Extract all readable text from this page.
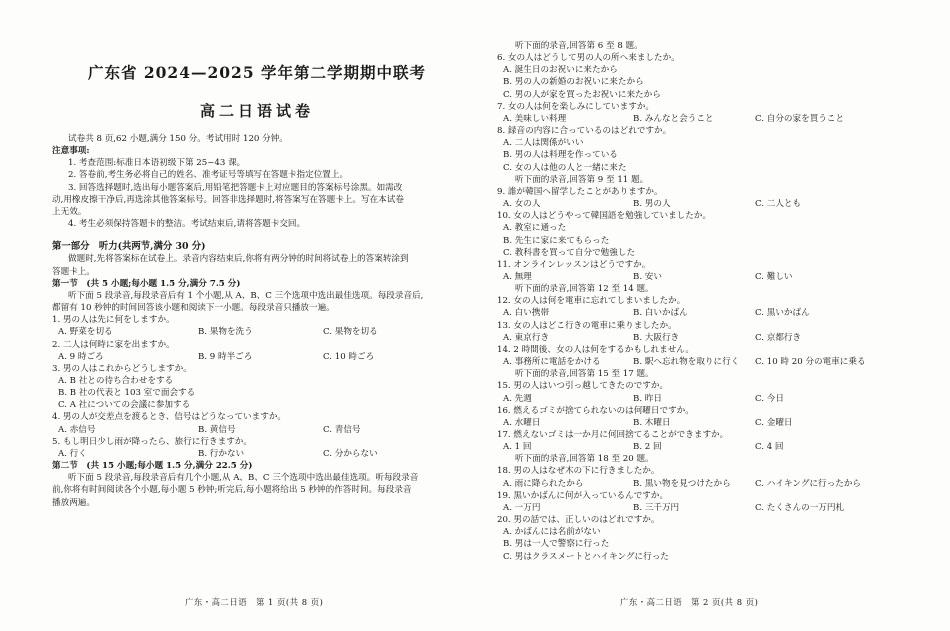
广东省 2024—2025 学年第二学期期中联考
高二日语试卷
试卷共 8 页,62 小题,满分 150 分。考试用时 120 分钟。
注意事项:
1. 考查范围:标准日本语初级下第 25~43 课。
2. 答卷前,考生务必将自己的姓名、准考证号等填写在答题卡指定位置上。
3. 回答选择题时,选出每小题答案后,用铅笔把答题卡上对应题目的答案标号涂黑。如需改
动,用橡皮擦干净后,再选涂其他答案标号。回答非选择题时,将答案写在答题卡上。写在本试卷
上无效。
4. 考生必须保持答题卡的整洁。考试结束后,请将答题卡交回。
第一部分　听力(共两节,满分 30 分)
做题时,先将答案标在试卷上。录音内容结束后,你将有两分钟的时间将试卷上的答案转涂到
答题卡上。
第一节　(共 5 小题;每小题 1.5 分,满分 7.5 分)
听下面 5 段录音,每段录音后有 1 个小题,从 A、B、C 三个选项中选出最佳选项。每段录音后,
都留有 10 秒钟的时间回答该小题和阅读下一小题。每段录音只播放一遍。
1. 男の人は先に何をしますか。
A. 野菜を切る	B. 果物を洗う	C. 果物を切る
2. 二人は何時に家を出ますか。
A. 9 時ごろ	B. 9 時半ごろ	C. 10 時ごろ
3. 男の人はこれからどうしますか。
A. B 社との待ち合わせをする
B. B 社の代表と 103 室で面会する
C. A 社についての会議に参加する
4. 男の人が交差点を渡るとき、信号はどうなっていますか。
A. 赤信号	B. 黄信号	C. 青信号
5. もし明日少し雨が降ったら、旅行に行きますか。
A. 行く	B. 行かない	C. 分からない
第二节　(共 15 小题;每小题 1.5 分,满分 22.5 分)
听下面 5 段录音,每段录音后有几个小题,从 A、B、C 三个选项中选出最佳选项。听每段录音
前,你将有时间阅读各个小题,每小题 5 秒钟;听完后,每小题将给出 5 秒钟的作答时间。每段录音
播放两遍。
广东・高二日语　第 1 页(共 8 页)
听下面的录音,回答第 6 至 8 题。
6. 女の人はどうして男の人の所へ来ましたか。
A. 誕生日のお祝いに来たから
B. 男の人の新婚のお祝いに来たから
C. 男の人が家を買ったお祝いに来たから
7. 女の人は何を楽しみにしていますか。
A. 美味しい料理	B. みんなと会うこと	C. 自分の家を買うこと
8. 録音の内容に合っているのはどれですか。
A. 二人は関係がいい
B. 男の人は料理を作っている
C. 女の人は他の人と一緒に来た
听下面的录音,回答第 9 至 11 题。
9. 誰が韓国へ留学したことがありますか。
A. 女の人	B. 男の人	C. 二人とも
10. 女の人はどうやって韓国語を勉強していましたか。
A. 教室に通った
B. 先生に家に来てもらった
C. 教科書を買って自分で勉強した
11. オンラインレッスンはどうですか。
A. 無理	B. 安い	C. 難しい
听下面的录音,回答第 12 至 14 题。
12. 女の人は何を電車に忘れてしまいましたか。
A. 白い携帯	B. 白いかばん	C. 黒いかばん
13. 女の人はどこ行きの電車に乗りましたか。
A. 東京行き	B. 大阪行き	C. 京都行き
14. 2 時間後、女の人は何をするかもしれません。
A. 事務所に電話をかける	B. 駅へ忘れ物を取りに行く	C. 10 時 20 分の電車に乗る
听下面的录音,回答第 15 至 17 题。
15. 男の人はいつ引っ越してきたのですか。
A. 先週	B. 昨日	C. 今日
16. 燃えるゴミが捨てられないのは何曜日ですか。
A. 水曜日	B. 木曜日	C. 金曜日
17. 燃えないゴミは一か月に何回捨てることができますか。
A. 1 回	B. 2 回	C. 4 回
听下面的录音,回答第 18 至 20 题。
18. 男の人はなぜ木の下に行きましたか。
A. 雨に降られたから	B. 黒い物を見つけたから	C. ハイキングに行ったから
19. 黒いかばんに何が入っているんですか。
A. 一万円	B. 三千万円	C. たくさんの一万円札
20. 男の話では、正しいのはどれですか。
A. かばんには名前がない
B. 男は一人で警察に行った
C. 男はクラスメートとハイキングに行った
广东・高二日语　第 2 页(共 8 页)
